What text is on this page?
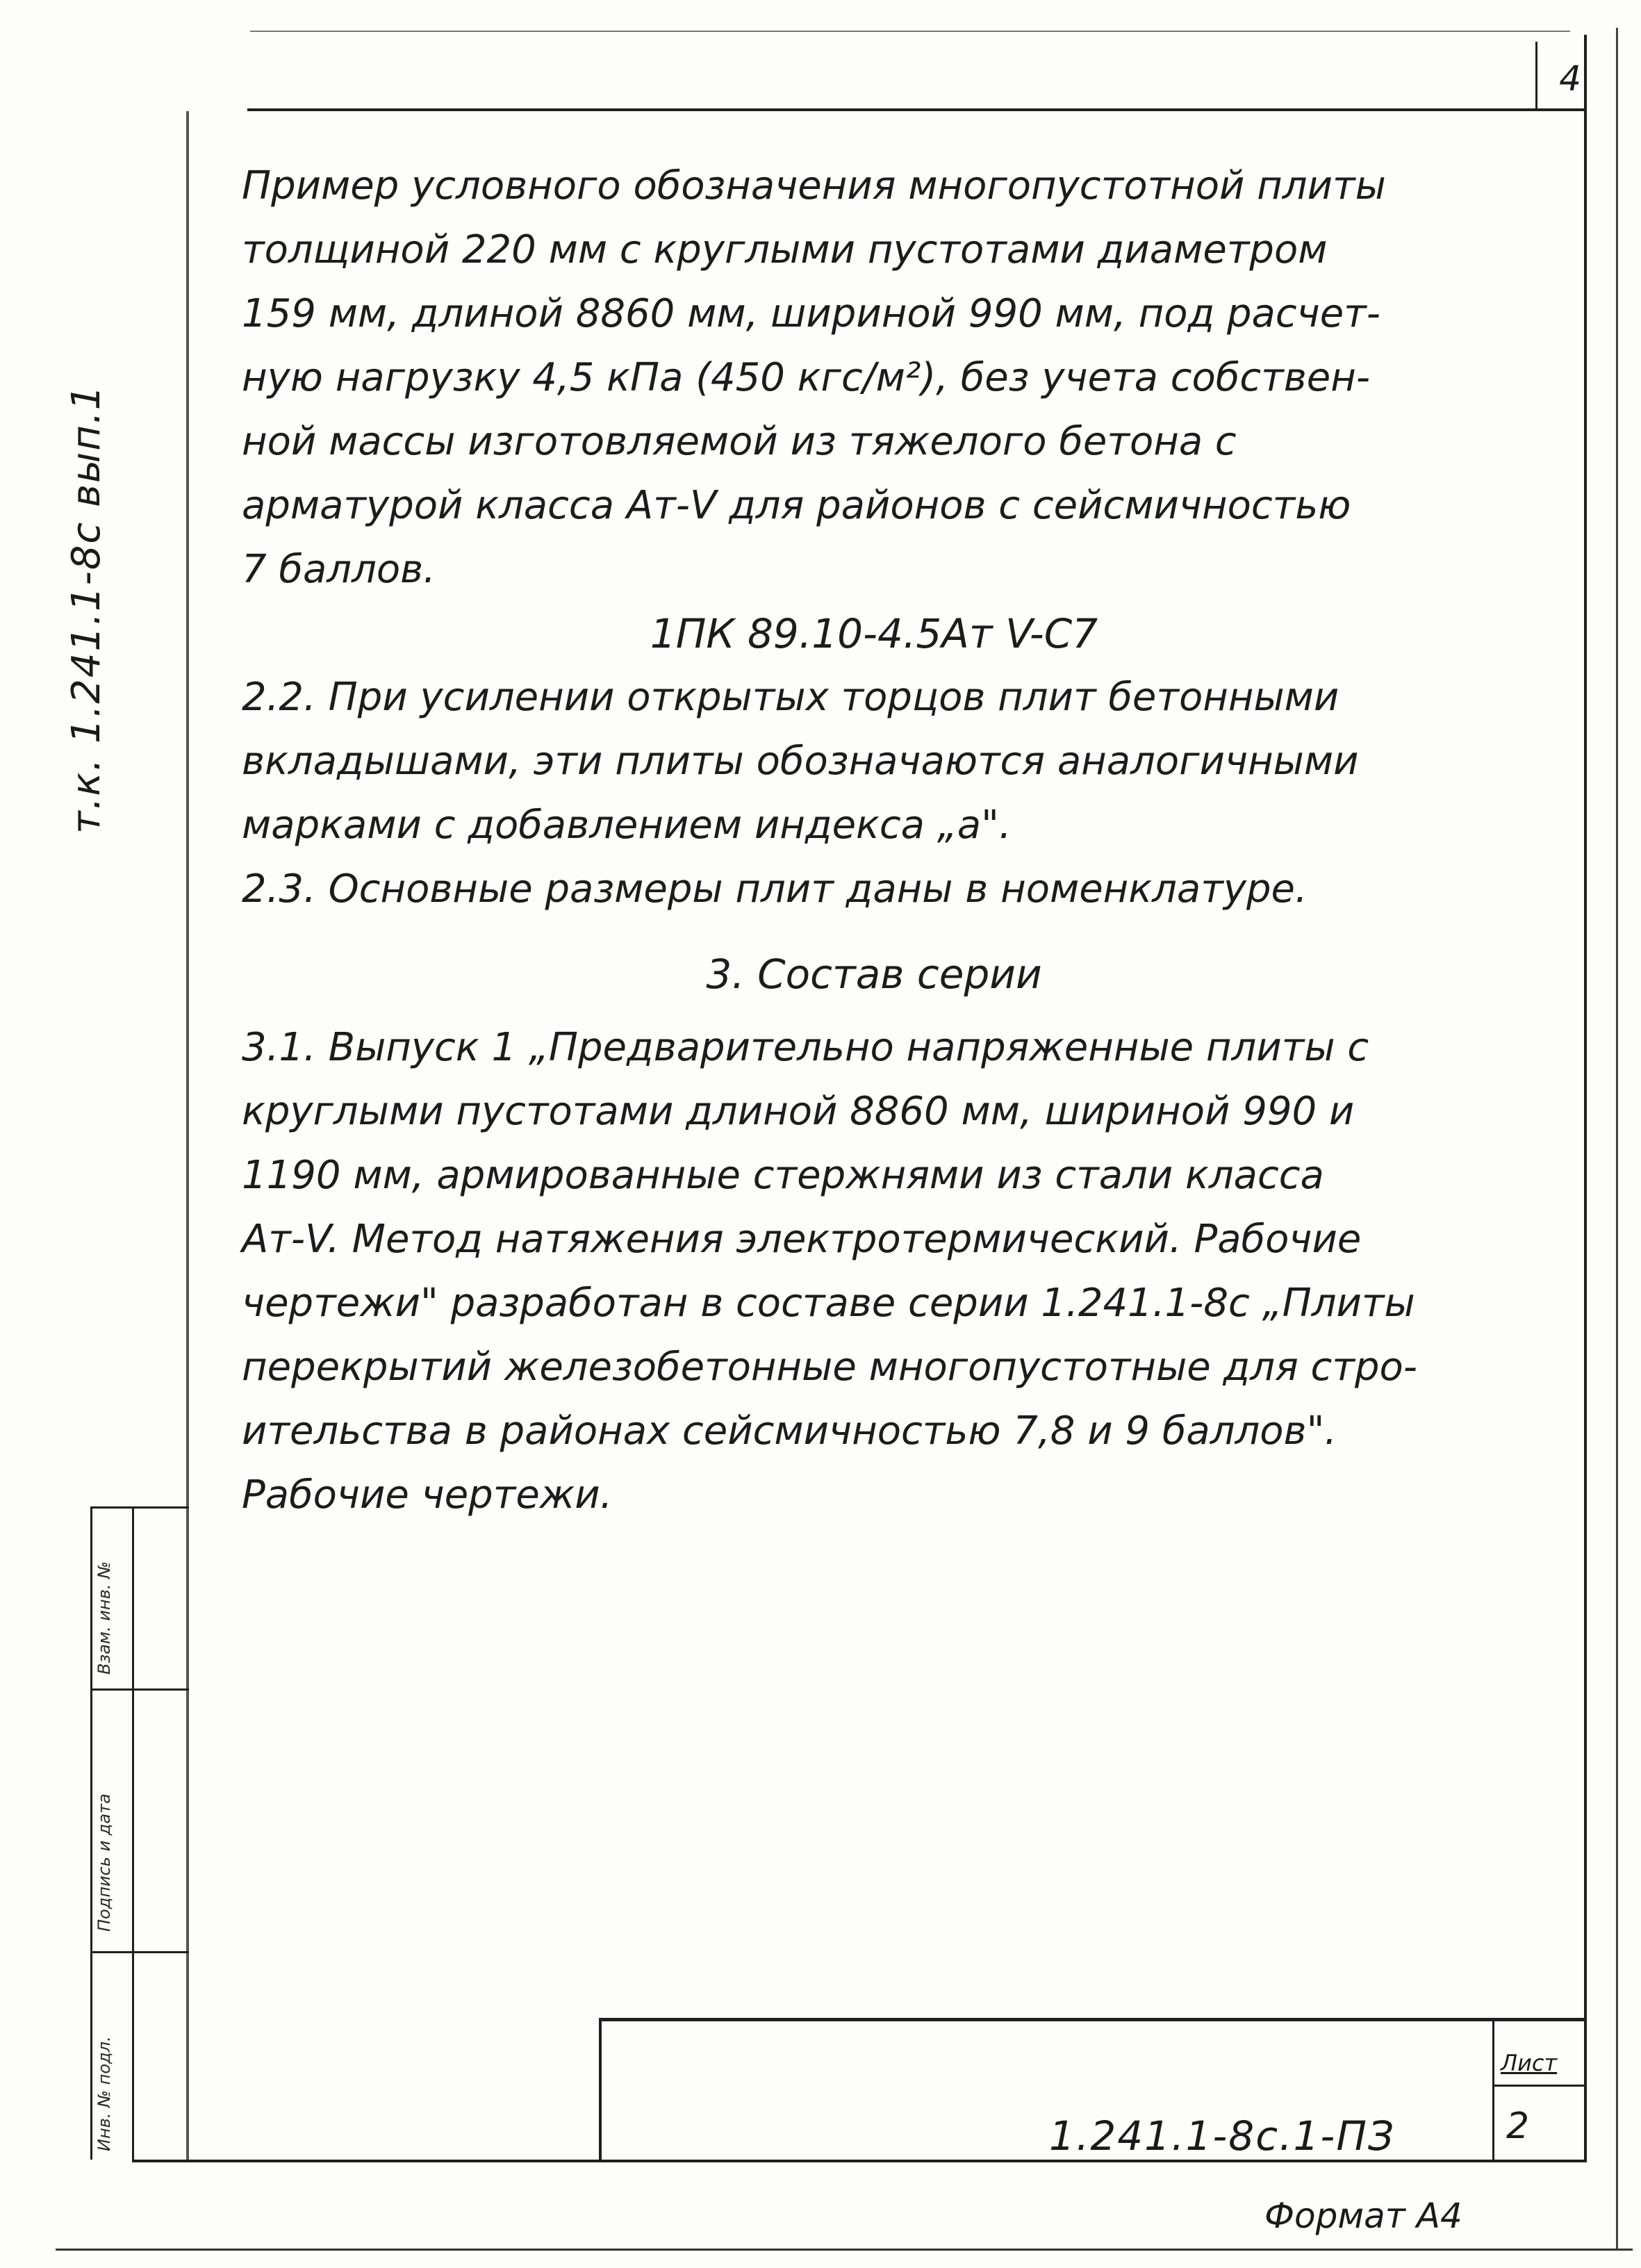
4
т.к. 1.241.1-8с вып.1
Взам. инв. №
Подпись и дата
Инв. № подл.
Пример условного обозначения многопустотной плиты
толщиной 220 мм с круглыми пустотами диаметром
159 мм, длиной 8860 мм, шириной 990 мм, под расчет-
ную нагрузку 4,5 кПа (450 кгс/м²), без учета собствен-
ной массы изготовляемой из тяжелого бетона с
арматурой класса Ат-V для районов с сейсмичностью
7 баллов.
1ПК 89.10-4.5Ат V-С7
2.2. При усилении открытых торцов плит бетонными
вкладышами, эти плиты обозначаются аналогичными
марками с добавлением индекса „а".
2.3. Основные размеры плит даны в номенклатуре.
3. Состав серии
3.1. Выпуск 1 „Предварительно напряженные плиты с
круглыми пустотами длиной 8860 мм, шириной 990 и
1190 мм, армированные стержнями из стали класса
Ат-V. Метод натяжения электротермический. Рабочие
чертежи" разработан в составе серии 1.241.1-8с „Плиты
перекрытий железобетонные многопустотные для стро-
ительства в районах сейсмичностью 7,8 и 9 баллов".
Рабочие чертежи.
1.241.1-8с.1-ПЗ
Лист
2
Формат А4
